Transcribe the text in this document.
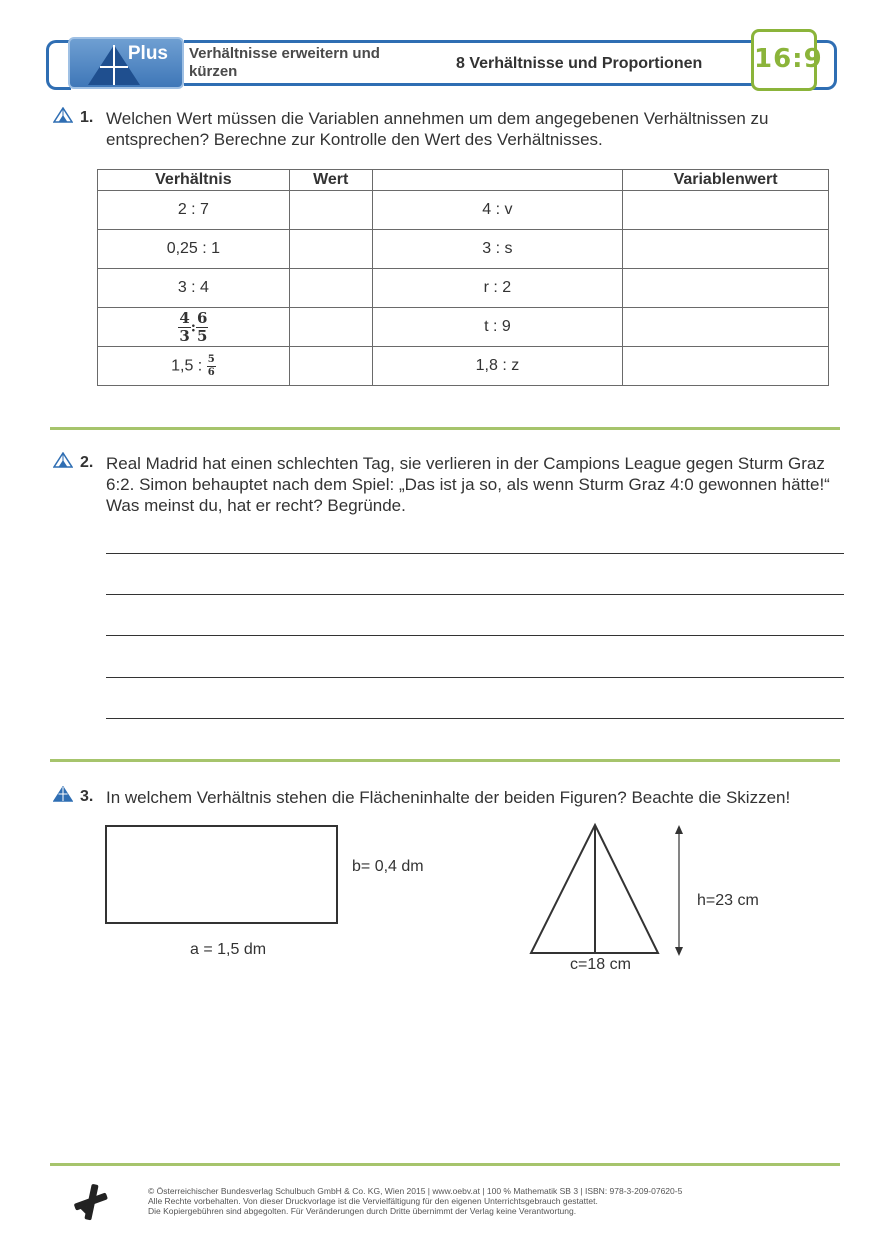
Plus Verhältnisse erweitern und kürzen	8 Verhältnisse und Proportionen 16:9
1. Welchen Wert müssen die Variablen annehmen um dem angegebenen Verhältnissen zu entsprechen? Berechne zur Kontrolle den Wert des Verhältnisses.
Verhältnis	Wert		Variablenwert
2 : 7		4 : v	
0,25 : 1		3 : s	
3 : 4		r : 2	

$\frac{4}{3}$ : $\frac{6}{5}$		t : 9	
1,5 : $\frac{5}{6}$		1,8 : z	
2. Real Madrid hat einen schlechten Tag, sie verlieren in der Campions League gegen Sturm Graz 6:2. Simon behauptet nach dem Spiel: „Das ist ja so, als wenn Sturm Graz 4:0 gewonnen hätte!“ Was meinst du, hat er recht? Begründe.
3. In welchem Verhältnis stehen die Flächeninhalte der beiden Figuren? Beachte die Skizzen!
b= 0,4 dm
a = 1,5 dm
h=23 cm
c=18 cm
© Österreichischer Bundesverlag Schulbuch GmbH & Co. KG, Wien 2015 | www.oebv.at | 100 % Mathematik SB 3 | ISBN: 978-3-209-07620-5
Alle Rechte vorbehalten. Von dieser Druckvorlage ist die Vervielfältigung für den eigenen Unterrichtsgebrauch gestattet.
Die Kopiergebühren sind abgegolten. Für Veränderungen durch Dritte übernimmt der Verlag keine Verantwortung.
